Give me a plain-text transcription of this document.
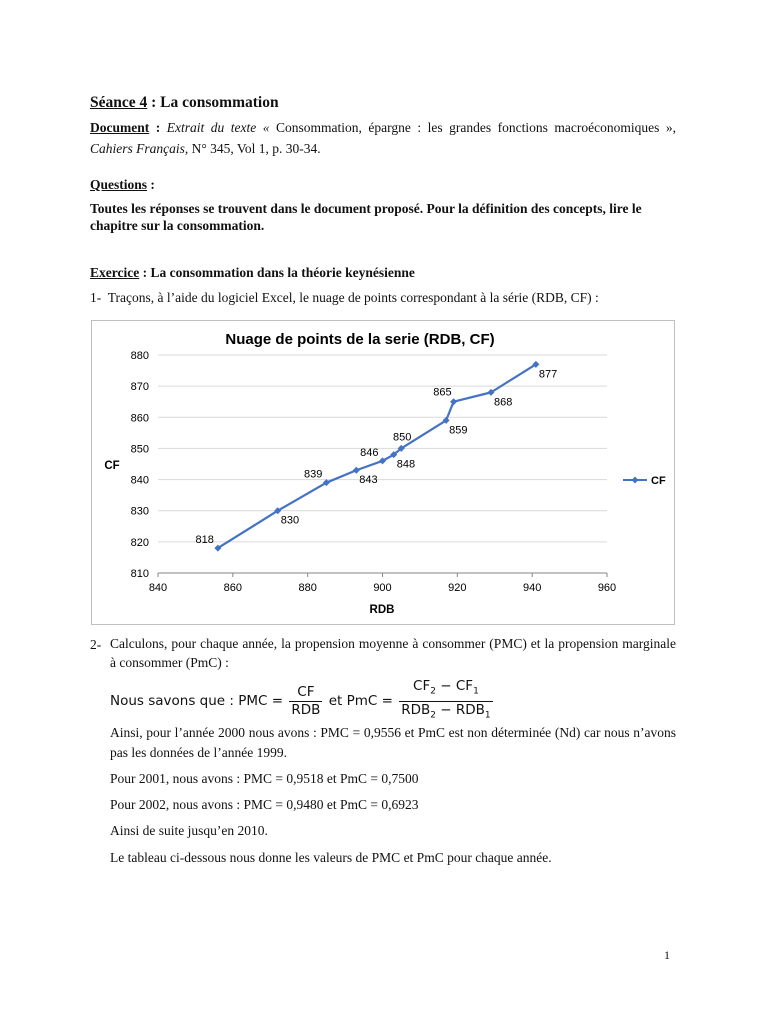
Séance 4 : La consommation
Document : Extrait du texte « Consommation, épargne : les grandes fonctions macroéconomiques », Cahiers Français, N° 345, Vol 1, p. 30-34.
Questions :
Toutes les réponses se trouvent dans le document proposé. Pour la définition des concepts, lire le chapitre sur la consommation.
Exercice : La consommation dans la théorie keynésienne
1- Traçons, à l’aide du logiciel Excel, le nuage de points correspondant à la série (RDB, CF) :
Nuage de points de la serie (RDB, CF)
810
820
830
840
850
860
870
880
840	860	880	900	920	940	960
CF
RDB
818
830
839	843
846
848
850
859
865
868
877
CF
2- Calculons, pour chaque année, la propension moyenne à consommer (PMC) et la propension marginale à consommer (PmC) :
Nous savons que : PMC = $\frac{CF}{\text{RDB}}$ et PmC = $\frac{CF_2 - CF_1}{RDB_2 - RDB_1}$
Ainsi, pour l’année 2000 nous avons : PMC = 0,9556 et PmC est non déterminée (Nd) car nous n’avons pas les données de l’année 1999.
Pour 2001, nous avons : PMC = 0,9518 et PmC = 0,7500
Pour 2002, nous avons : PMC = 0,9480 et PmC = 0,6923
Ainsi de suite jusqu’en 2010.
Le tableau ci-dessous nous donne les valeurs de PMC et PmC pour chaque année.
1
